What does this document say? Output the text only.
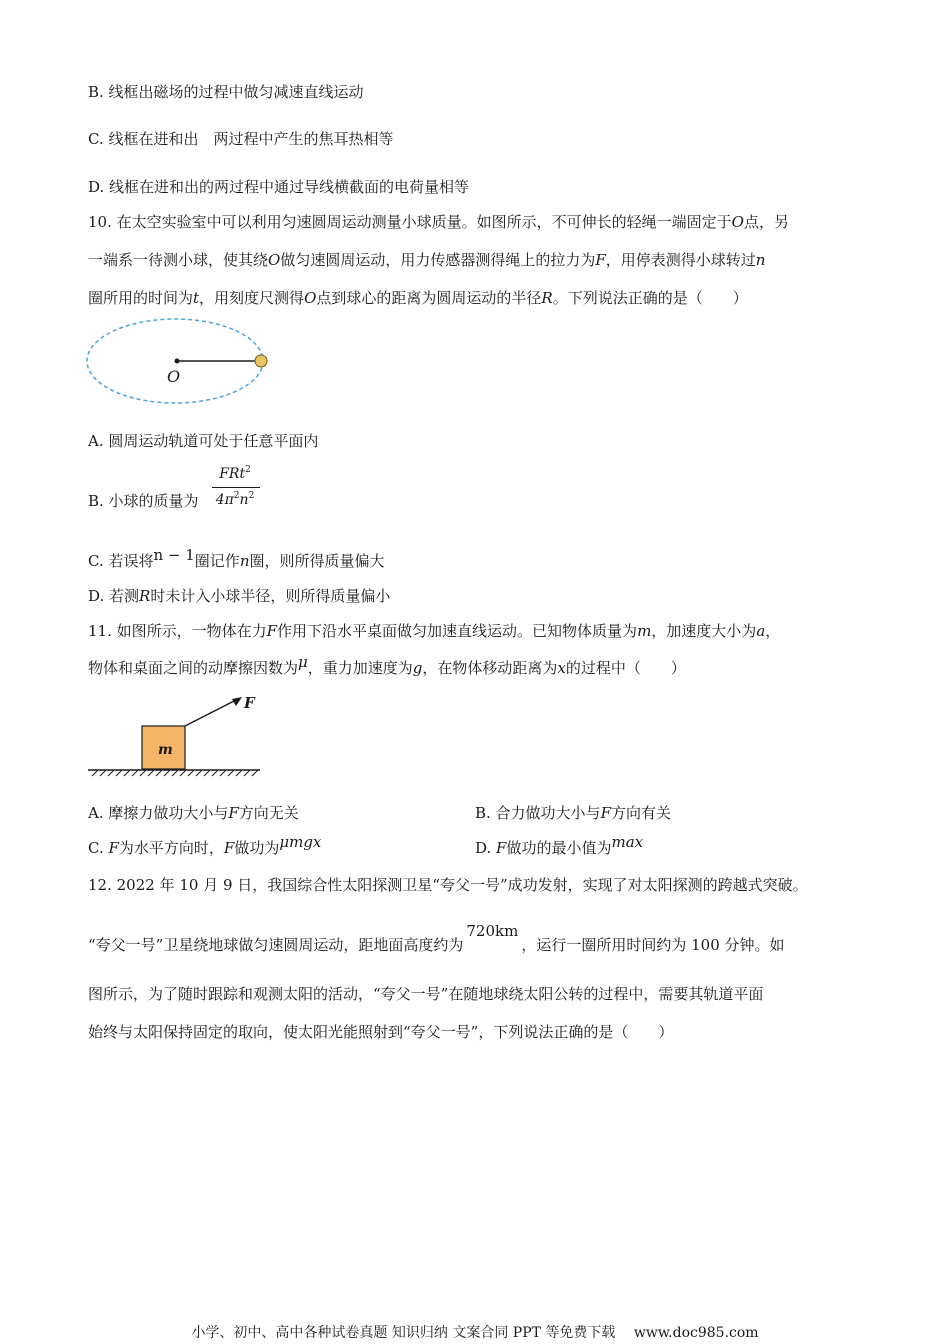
B. 线框出磁场的过程中做匀减速直线运动
C. 线框在进和出　两过程中产生的焦耳热相等
D. 线框在进和出的两过程中通过导线横截面的电荷量相等
10. 在太空实验室中可以利用匀速圆周运动测量小球质量。如图所示，不可伸长的轻绳一端固定于O点，另
一端系一待测小球，使其绕O做匀速圆周运动，用力传感器测得绳上的拉力为F，用停表测得小球转过n
圈所用的时间为t，用刻度尺测得O点到球心的距离为圆周运动的半径R。下列说法正确的是（　　）
O
A. 圆周运动轨道可处于任意平面内
B. 小球的质量为
FRt$^2$
$4\pi^2n^2$
C. 若误将n − 1圈记作n圈，则所得质量偏大
D. 若测R时未计入小球半径，则所得质量偏小
11. 如图所示，一物体在力F作用下沿水平桌面做匀加速直线运动。已知物体质量为m，加速度大小为a，
物体和桌面之间的动摩擦因数为μ，重力加速度为g，在物体移动距离为x的过程中（　　）
m
F
A. 摩擦力做功大小与F方向无关	B. 合力做功大小与F方向有关
C. F为水平方向时，F做功为μmgx	D. F做功的最小值为max
12. 2022 年 10 月 9 日，我国综合性太阳探测卫星“夸父一号”成功发射，实现了对太阳探测的跨越式突破。
“夸父一号”卫星绕地球做匀速圆周运动，距地面高度约为720km，运行一圈所用时间约为 100 分钟。如
图所示，为了随时跟踪和观测太阳的活动，“夸父一号”在随地球绕太阳公转的过程中，需要其轨道平面
始终与太阳保持固定的取向，使太阳光能照射到“夸父一号”，下列说法正确的是（　　）
小学、初中、高中各种试卷真题 知识归纳 文案合同 PPT 等免费下载　 www.doc985.com
